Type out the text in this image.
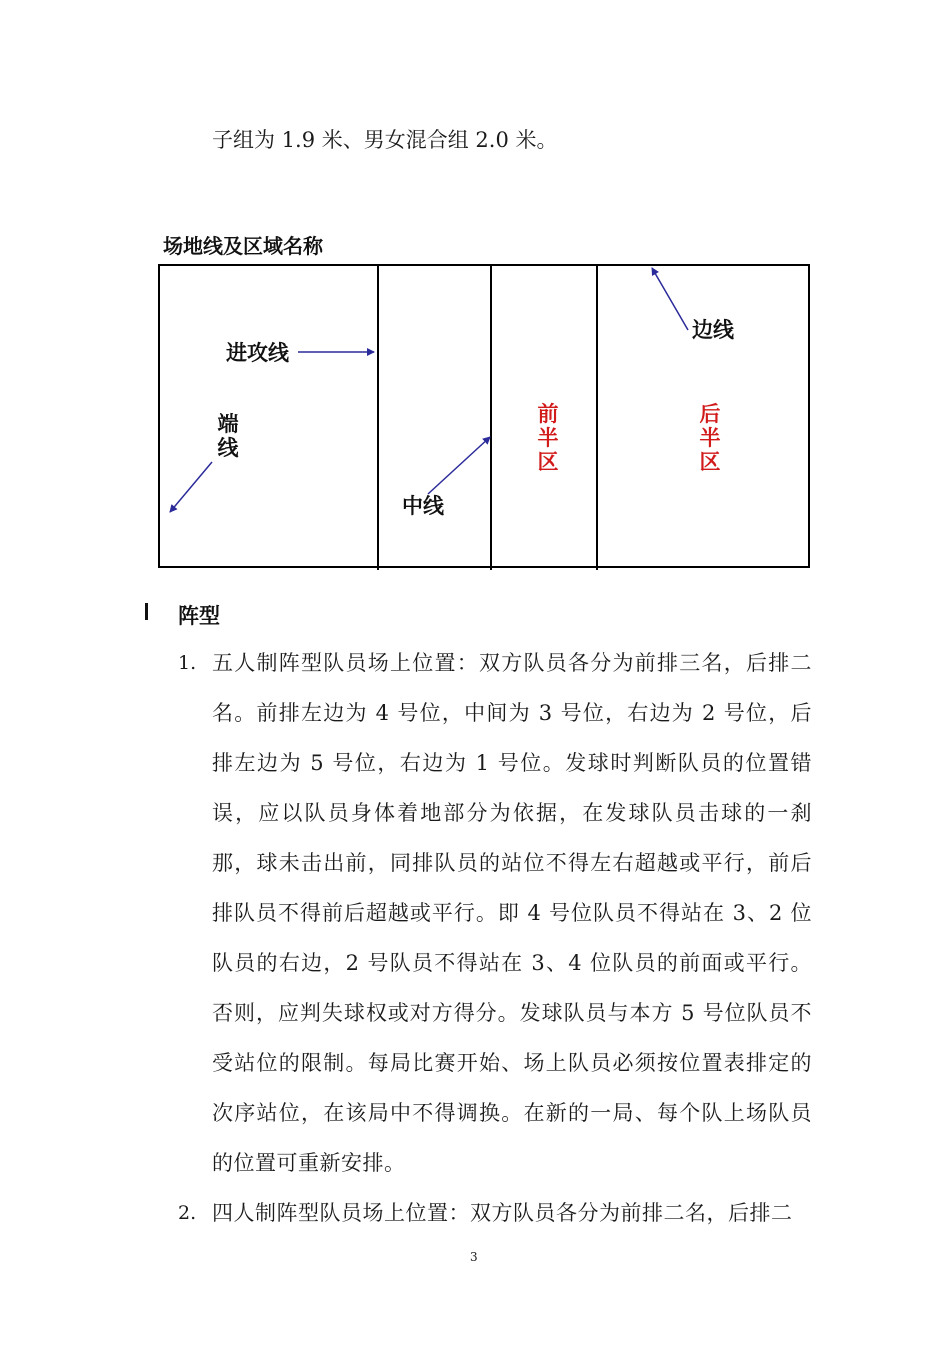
子组为 1.9 米、男女混合组 2.0 米。
场地线及区域名称
进攻线
端线
中线
前半区
后半区
边线
阵型
1. 五人制阵型队员场上位置：双方队员各分为前排三名，后排二名。前排左边为 4 号位，中间为 3 号位，右边为 2 号位，后排左边为 5 号位，右边为 1 号位。发球时判断队员的位置错误，应以队员身体着地部分为依据，在发球队员击球的一刹那，球未击出前，同排队员的站位不得左右超越或平行，前后排队员不得前后超越或平行。即 4 号位队员不得站在 3、2 位队员的右边，2 号队员不得站在 3、4 位队员的前面或平行。否则，应判失球权或对方得分。发球队员与本方 5 号位队员不受站位的限制。每局比赛开始、场上队员必须按位置表排定的次序站位，在该局中不得调换。在新的一局、每个队上场队员的位置可重新安排。
2. 四人制阵型队员场上位置：双方队员各分为前排二名，后排二
3
